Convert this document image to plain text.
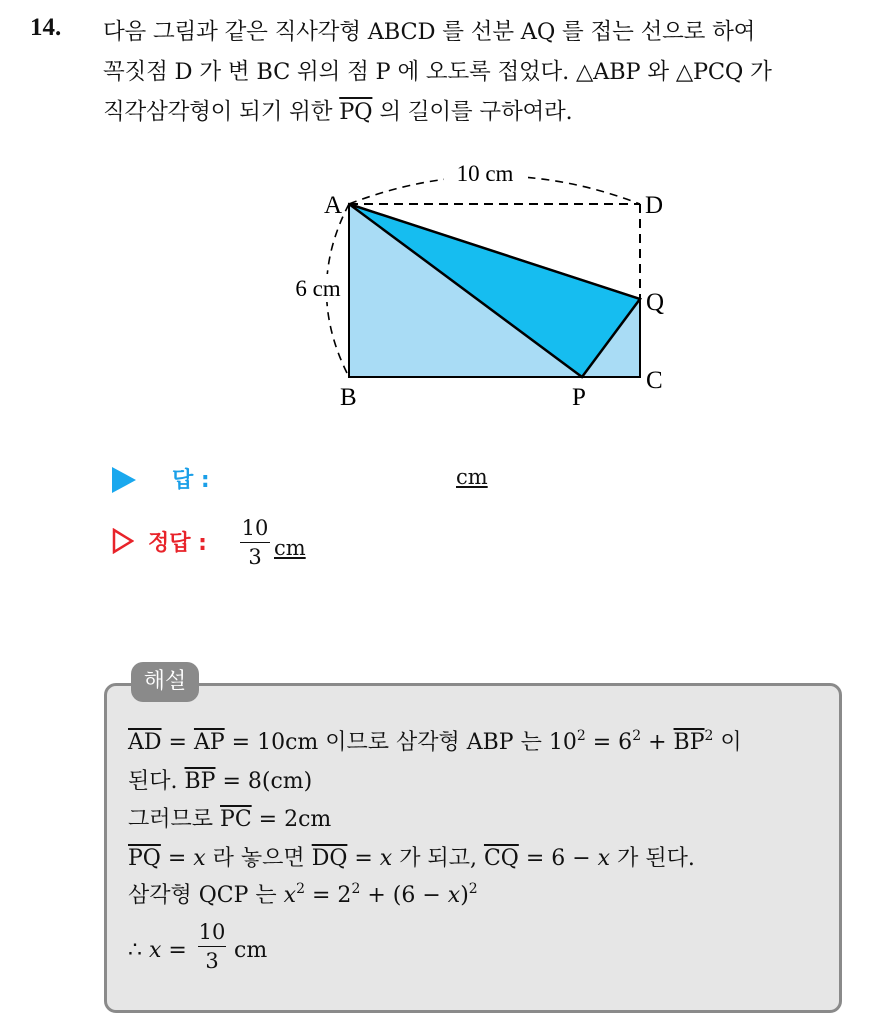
14. 다음 그림과 같은 직사각형 ABCD 를 선분 AQ 를 접는 선으로 하여
꼭짓점 D 가 변 BC 위의 점 P 에 오도록 접었다. △ABP 와 △PCQ 가
직각삼각형이 되기 위한 $\overline{PQ}$ 의 길이를 구하여라.
10 cm
6 cm
A	D
Q
C
B	P
답 :	cm
정답 :
10
3 cm
해설
$\overline{AD} = \overline{AP} = 10cm$ 이므로 삼각형 ABP 는 $10^2 = 6^2 + \overline{BP}^2$ 이
된다. $\overline{BP} = 8(cm)$
그러므로 $\overline{PC} = 2cm$
$\overline{PQ} = x$ 라 놓으면 $\overline{DQ} = x$ 가 되고, $\overline{CQ} = 6 - x$ 가 된다.
삼각형 QCP 는 $x^2 = 2^2 + (6 - x)^2$
∴ x =
10
3 cm
